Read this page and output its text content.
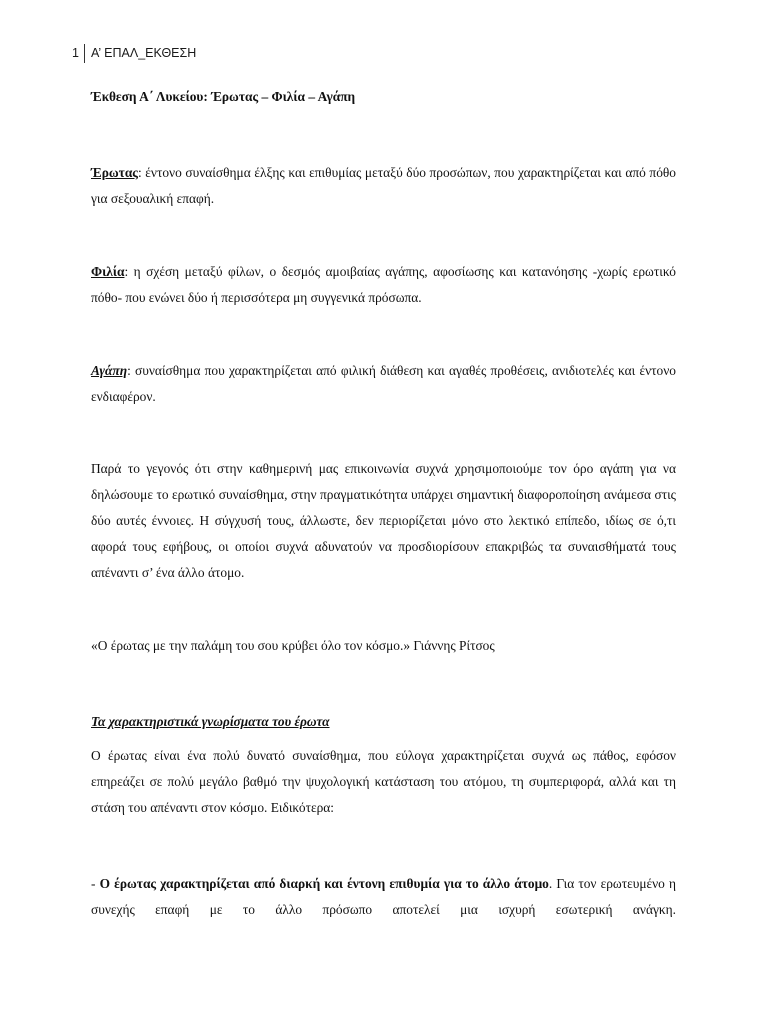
1 Α’ ΕΠΑΛ_ΕΚΘΕΣΗ
Έκθεση Α΄ Λυκείου: Έρωτας – Φιλία – Αγάπη
Έρωτας: έντονο συναίσθημα έλξης και επιθυμίας μεταξύ δύο προσώπων, που χαρακτηρίζεται και από πόθο για σεξουαλική επαφή.
Φιλία: η σχέση μεταξύ φίλων, ο δεσμός αμοιβαίας αγάπης, αφοσίωσης και κατανόησης -χωρίς ερωτικό πόθο- που ενώνει δύο ή περισσότερα μη συγγενικά πρόσωπα.
Αγάπη: συναίσθημα που χαρακτηρίζεται από φιλική διάθεση και αγαθές προθέσεις, ανιδιοτελές και έντονο ενδιαφέρον.
Παρά το γεγονός ότι στην καθημερινή μας επικοινωνία συχνά χρησιμοποιούμε τον όρο αγάπη για να δηλώσουμε το ερωτικό συναίσθημα, στην πραγματικότητα υπάρχει σημαντική διαφοροποίηση ανάμεσα στις δύο αυτές έννοιες. Η σύγχυσή τους, άλλωστε, δεν περιορίζεται μόνο στο λεκτικό επίπεδο, ιδίως σε ό,τι αφορά τους εφήβους, οι οποίοι συχνά αδυνατούν να προσδιορίσουν επακριβώς τα συναισθήματά τους απέναντι σ’ ένα άλλο άτομο.
«Ο έρωτας με την παλάμη του σου κρύβει όλο τον κόσμο.» Γιάννης Ρίτσος
Τα χαρακτηριστικά γνωρίσματα του έρωτα
Ο έρωτας είναι ένα πολύ δυνατό συναίσθημα, που εύλογα χαρακτηρίζεται συχνά ως πάθος, εφόσον επηρεάζει σε πολύ μεγάλο βαθμό την ψυχολογική κατάσταση του ατόμου, τη συμπεριφορά, αλλά και τη στάση του απέναντι στον κόσμο. Ειδικότερα:
- Ο έρωτας χαρακτηρίζεται από διαρκή και έντονη επιθυμία για το άλλο άτομο. Για τον ερωτευμένο η συνεχής επαφή με το άλλο πρόσωπο αποτελεί μια ισχυρή εσωτερική ανάγκη.
